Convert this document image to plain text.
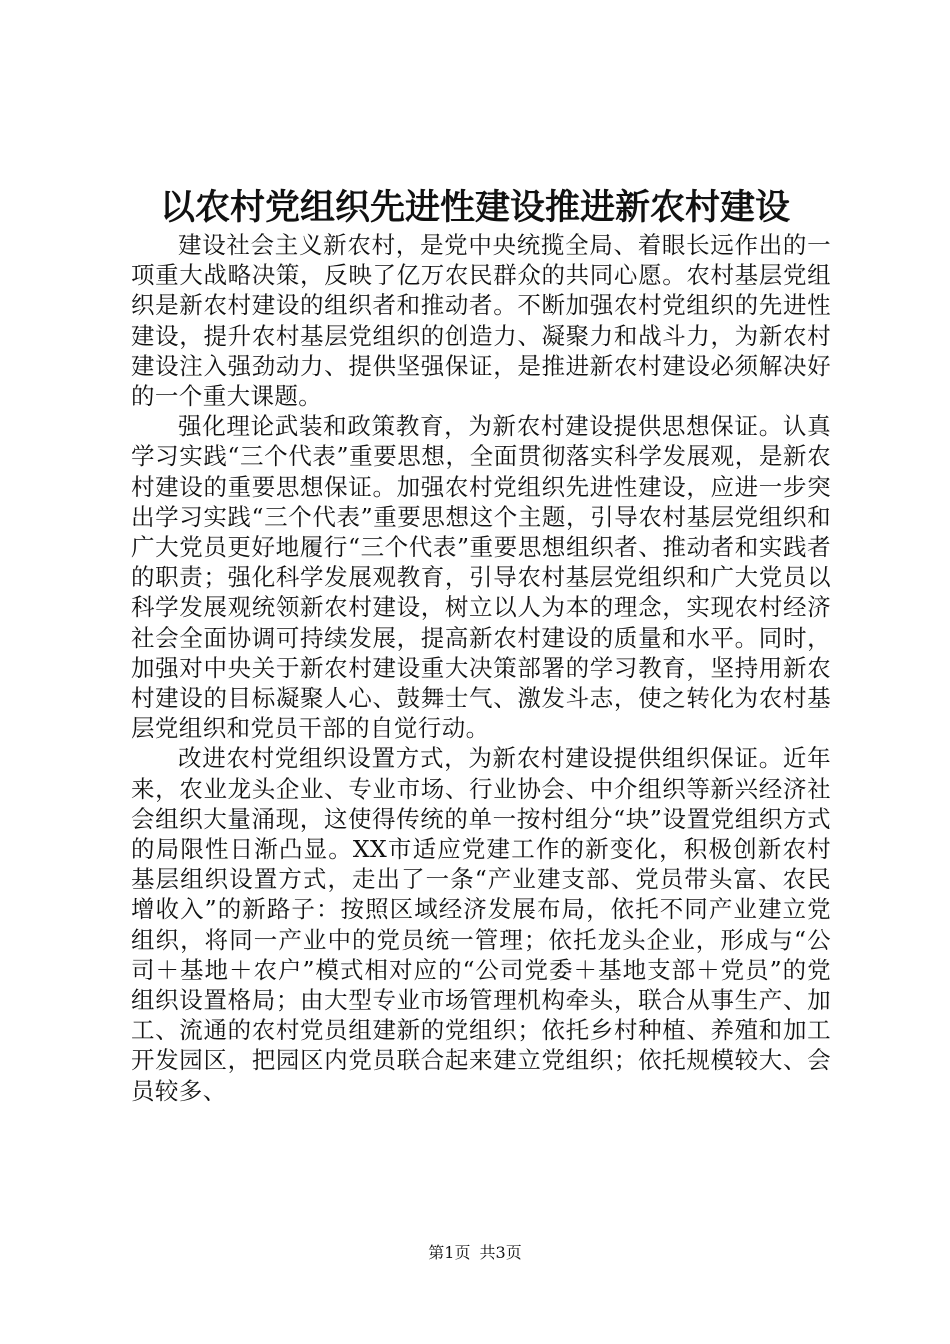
以农村党组织先进性建设推进新农村建设

建设社会主义新农村，是党中央统揽全局、着眼长远作出的一项重大战略决策，反映了亿万农民群众的共同心愿。农村基层党组织是新农村建设的组织者和推动者。不断加强农村党组织的先进性建设，提升农村基层党组织的创造力、凝聚力和战斗力，为新农村建设注入强劲动力、提供坚强保证，是推进新农村建设必须解决好的一个重大课题。

强化理论武装和政策教育，为新农村建设提供思想保证。认真学习实践“三个代表”重要思想，全面贯彻落实科学发展观，是新农村建设的重要思想保证。加强农村党组织先进性建设，应进一步突出学习实践“三个代表”重要思想这个主题，引导农村基层党组织和广大党员更好地履行“三个代表”重要思想组织者、推动者和实践者的职责；强化科学发展观教育，引导农村基层党组织和广大党员以科学发展观统领新农村建设，树立以人为本的理念，实现农村经济社会全面协调可持续发展，提高新农村建设的质量和水平。同时，加强对中央关于新农村建设重大决策部署的学习教育，坚持用新农村建设的目标凝聚人心、鼓舞士气、激发斗志，使之转化为农村基层党组织和党员干部的自觉行动。

改进农村党组织设置方式，为新农村建设提供组织保证。近年来，农业龙头企业、专业市场、行业协会、中介组织等新兴经济社会组织大量涌现，这使得传统的单一按村组分“块”设置党组织方式的局限性日渐凸显。XX市适应党建工作的新变化，积极创新农村基层组织设置方式，走出了一条“产业建支部、党员带头富、农民增收入”的新路子：按照区域经济发展布局，依托不同产业建立党组织，将同一产业中的党员统一管理；依托龙头企业，形成与“公司＋基地＋农户”模式相对应的“公司党委＋基地支部＋党员”的党组织设置格局；由大型专业市场管理机构牵头，联合从事生产、加工、流通的农村党员组建新的党组织；依托乡村种植、养殖和加工开发园区，把园区内党员联合起来建立党组织；依托规模较大、会员较多、

第1页 共3页
